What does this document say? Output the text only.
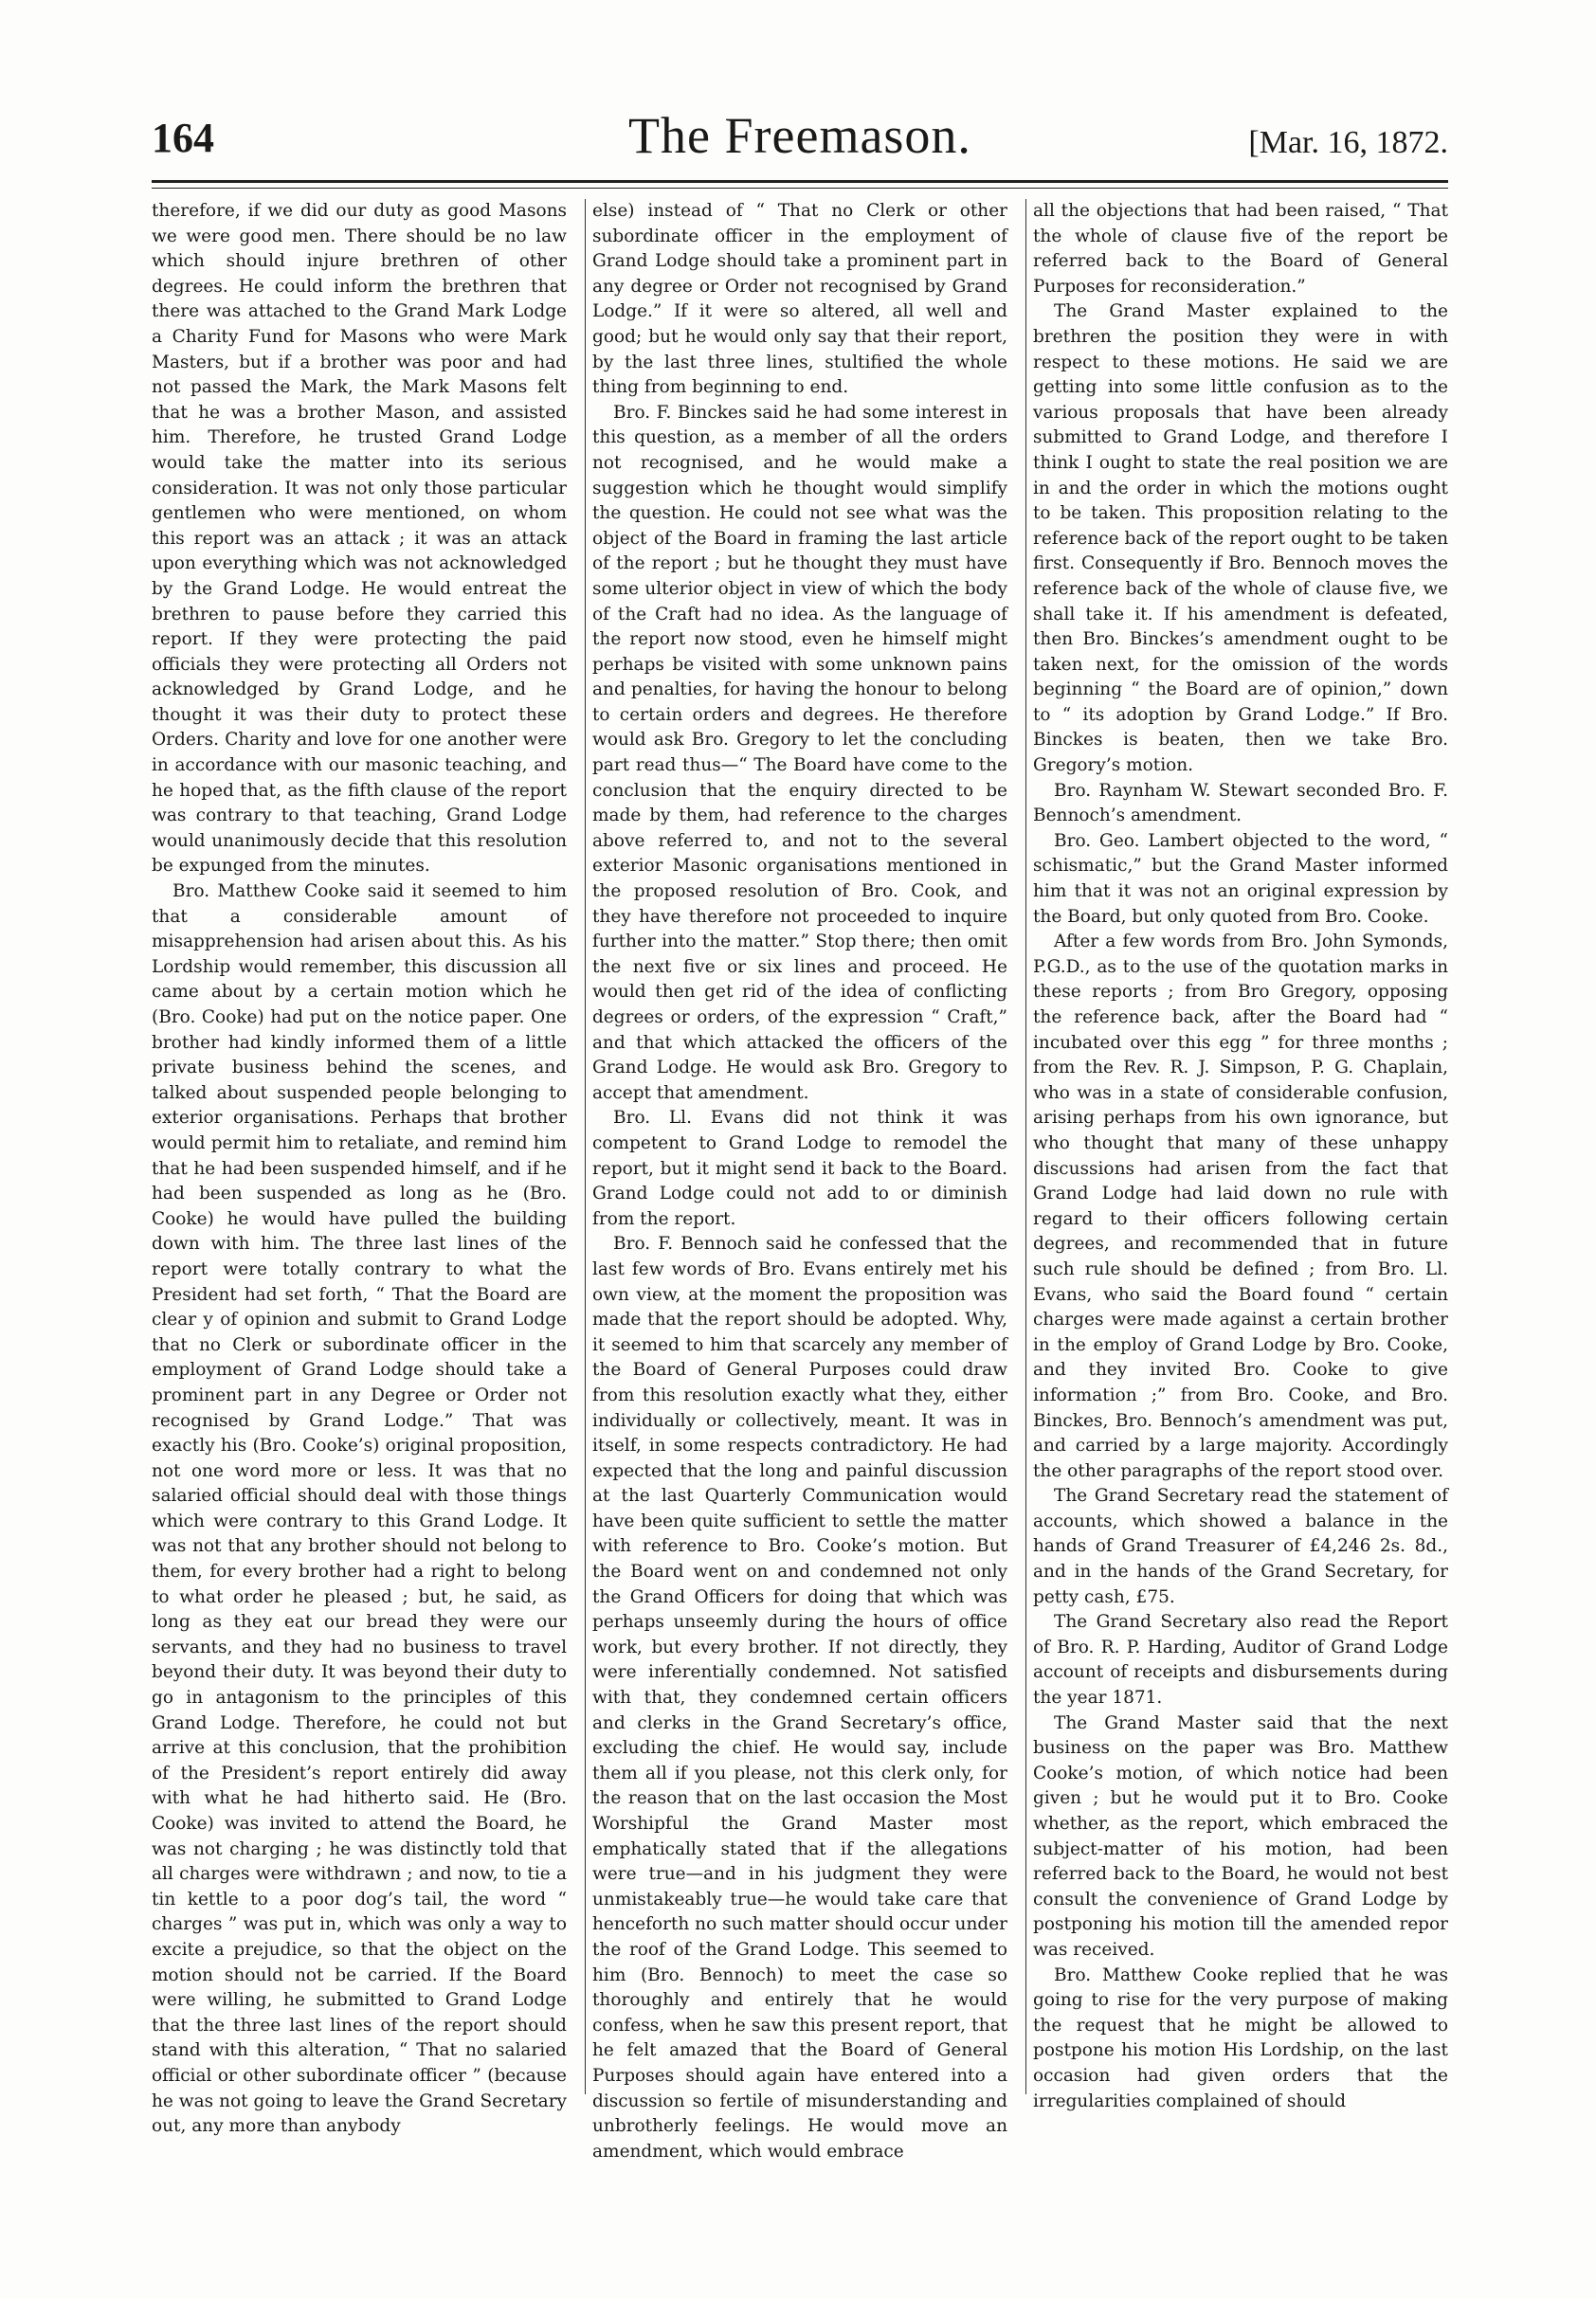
164	The Freemason.	[Mar. 16, 1872.

therefore, if we did our duty as good Masons we were good men. There should be no law which should injure brethren of other degrees. He could inform the brethren that there was attached to the Grand Mark Lodge a Charity Fund for Masons who were Mark Masters, but if a brother was poor and had not passed the Mark, the Mark Masons felt that he was a brother Mason, and assisted him. Therefore, he trusted Grand Lodge would take the matter into its serious consideration. It was not only those particular gentlemen who were mentioned, on whom this report was an attack ; it was an attack upon everything which was not acknowledged by the Grand Lodge. He would entreat the brethren to pause before they carried this report. If they were protecting the paid officials they were protecting all Orders not acknowledged by Grand Lodge, and he thought it was their duty to protect these Orders. Charity and love for one another were in accordance with our masonic teaching, and he hoped that, as the fifth clause of the report was contrary to that teaching, Grand Lodge would unanimously decide that this resolution be expunged from the minutes.

Bro. Matthew Cooke said it seemed to him that a considerable amount of misapprehension had arisen about this. As his Lordship would remember, this discussion all came about by a certain motion which he (Bro. Cooke) had put on the notice paper. One brother had kindly informed them of a little private business behind the scenes, and talked about suspended people belonging to exterior organisations. Perhaps that brother would permit him to retaliate, and remind him that he had been suspended himself, and if he had been suspended as long as he (Bro. Cooke) he would have pulled the building down with him. The three last lines of the report were totally contrary to what the President had set forth, “ That the Board are clear y of opinion and submit to Grand Lodge that no Clerk or subordinate officer in the employment of Grand Lodge should take a prominent part in any Degree or Order not recognised by Grand Lodge.” That was exactly his (Bro. Cooke’s) original proposition, not one word more or less. It was that no salaried official should deal with those things which were contrary to this Grand Lodge. It was not that any brother should not belong to them, for every brother had a right to belong to what order he pleased ; but, he said, as long as they eat our bread they were our servants, and they had no business to travel beyond their duty. It was beyond their duty to go in antagonism to the principles of this Grand Lodge. Therefore, he could not but arrive at this conclusion, that the prohibition of the President’s report entirely did away with what he had hitherto said. He (Bro. Cooke) was invited to attend the Board, he was not charging ; he was distinctly told that all charges were withdrawn ; and now, to tie a tin kettle to a poor dog’s tail, the word “ charges ” was put in, which was only a way to excite a prejudice, so that the object on the motion should not be carried. If the Board were willing, he submitted to Grand Lodge that the three last lines of the report should stand with this alteration, “ That no salaried official or other subordinate officer ” (because he was not going to leave the Grand Secretary out, any more than anybody

else) instead of “ That no Clerk or other subordinate officer in the employment of Grand Lodge should take a prominent part in any degree or Order not recognised by Grand Lodge.” If it were so altered, all well and good; but he would only say that their report, by the last three lines, stultified the whole thing from beginning to end.

Bro. F. Binckes said he had some interest in this question, as a member of all the orders not recognised, and he would make a suggestion which he thought would simplify the question. He could not see what was the object of the Board in framing the last article of the report ; but he thought they must have some ulterior object in view of which the body of the Craft had no idea. As the language of the report now stood, even he himself might perhaps be visited with some unknown pains and penalties, for having the honour to belong to certain orders and degrees. He therefore would ask Bro. Gregory to let the concluding part read thus—“ The Board have come to the conclusion that the enquiry directed to be made by them, had reference to the charges above referred to, and not to the several exterior Masonic organisations mentioned in the proposed resolution of Bro. Cook, and they have therefore not proceeded to inquire further into the matter.” Stop there; then omit the next five or six lines and proceed. He would then get rid of the idea of conflicting degrees or orders, of the expression “ Craft,” and that which attacked the officers of the Grand Lodge. He would ask Bro. Gregory to accept that amendment.

Bro. Ll. Evans did not think it was competent to Grand Lodge to remodel the report, but it might send it back to the Board. Grand Lodge could not add to or diminish from the report.

Bro. F. Bennoch said he confessed that the last few words of Bro. Evans entirely met his own view, at the moment the proposition was made that the report should be adopted. Why, it seemed to him that scarcely any member of the Board of General Purposes could draw from this resolution exactly what they, either individually or collectively, meant. It was in itself, in some respects contradictory. He had expected that the long and painful discussion at the last Quarterly Communication would have been quite sufficient to settle the matter with reference to Bro. Cooke’s motion. But the Board went on and condemned not only the Grand Officers for doing that which was perhaps unseemly during the hours of office work, but every brother. If not directly, they were inferentially condemned. Not satisfied with that, they condemned certain officers and clerks in the Grand Secretary’s office, excluding the chief. He would say, include them all if you please, not this clerk only, for the reason that on the last occasion the Most Worshipful the Grand Master most emphatically stated that if the allegations were true—and in his judgment they were unmistakeably true—he would take care that henceforth no such matter should occur under the roof of the Grand Lodge. This seemed to him (Bro. Bennoch) to meet the case so thoroughly and entirely that he would confess, when he saw this present report, that he felt amazed that the Board of General Purposes should again have entered into a discussion so fertile of misunderstanding and unbrotherly feelings. He would move an amendment, which would embrace

all the objections that had been raised, “ That the whole of clause five of the report be referred back to the Board of General Purposes for reconsideration.”

The Grand Master explained to the brethren the position they were in with respect to these motions. He said we are getting into some little confusion as to the various proposals that have been already submitted to Grand Lodge, and therefore I think I ought to state the real position we are in and the order in which the motions ought to be taken. This proposition relating to the reference back of the report ought to be taken first. Consequently if Bro. Bennoch moves the reference back of the whole of clause five, we shall take it. If his amendment is defeated, then Bro. Binckes’s amendment ought to be taken next, for the omission of the words beginning “ the Board are of opinion,” down to “ its adoption by Grand Lodge.” If Bro. Binckes is beaten, then we take Bro. Gregory’s motion.

Bro. Raynham W. Stewart seconded Bro. F. Bennoch’s amendment.

Bro. Geo. Lambert objected to the word, “ schismatic,” but the Grand Master informed him that it was not an original expression by the Board, but only quoted from Bro. Cooke.

After a few words from Bro. John Symonds, P.G.D., as to the use of the quotation marks in these reports ; from Bro Gregory, opposing the reference back, after the Board had “ incubated over this egg ” for three months ; from the Rev. R. J. Simpson, P. G. Chaplain, who was in a state of considerable confusion, arising perhaps from his own ignorance, but who thought that many of these unhappy discussions had arisen from the fact that Grand Lodge had laid down no rule with regard to their officers following certain degrees, and recommended that in future such rule should be defined ; from Bro. Ll. Evans, who said the Board found “ certain charges were made against a certain brother in the employ of Grand Lodge by Bro. Cooke, and they invited Bro. Cooke to give information ;” from Bro. Cooke, and Bro. Binckes, Bro. Bennoch’s amendment was put, and carried by a large majority. Accordingly the other paragraphs of the report stood over.

The Grand Secretary read the statement of accounts, which showed a balance in the hands of Grand Treasurer of £4,246 2s. 8d., and in the hands of the Grand Secretary, for petty cash, £75.

The Grand Secretary also read the Report of Bro. R. P. Harding, Auditor of Grand Lodge account of receipts and disbursements during the year 1871.

The Grand Master said that the next business on the paper was Bro. Matthew Cooke’s motion, of which notice had been given ; but he would put it to Bro. Cooke whether, as the report, which embraced the subject-matter of his motion, had been referred back to the Board, he would not best consult the convenience of Grand Lodge by postponing his motion till the amended repor was received.

Bro. Matthew Cooke replied that he was going to rise for the very purpose of making the request that he might be allowed to postpone his motion His Lordship, on the last occasion had given orders that the irregularities complained of should
